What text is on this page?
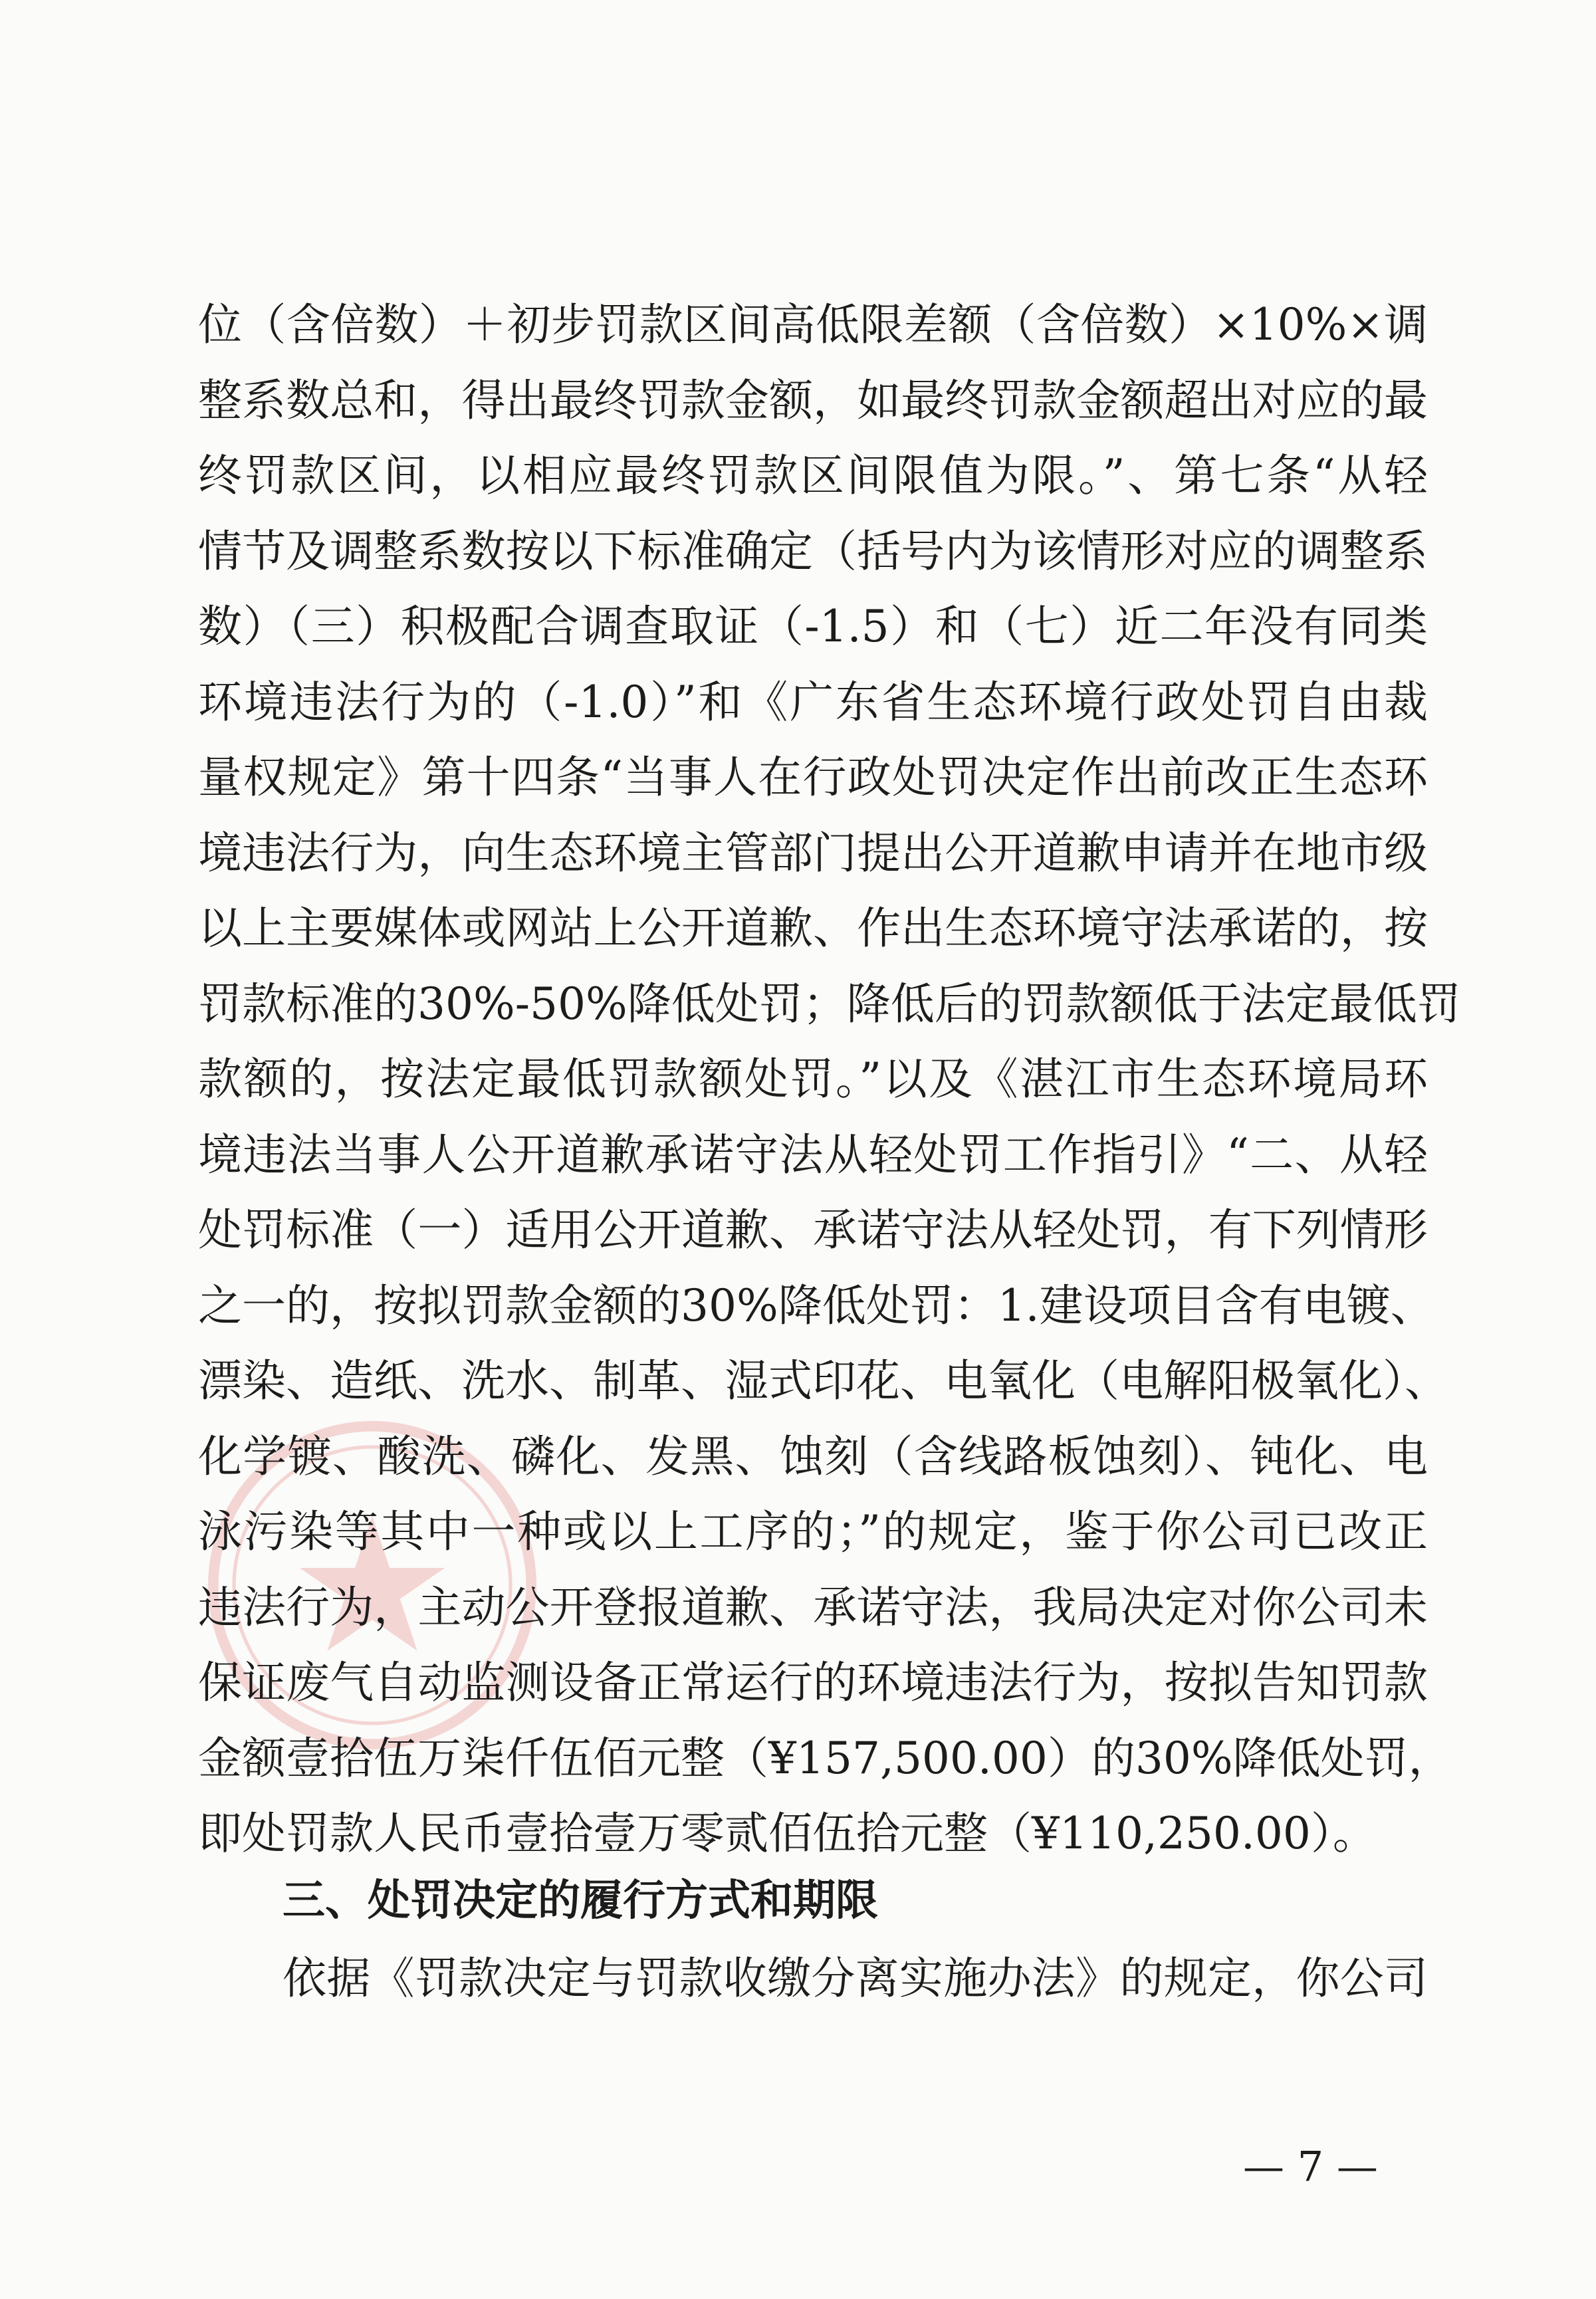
位（含倍数）＋初步罚款区间高低限差额（含倍数）×10%×调
整系数总和，得出最终罚款金额，如最终罚款金额超出对应的最
终罚款区间，以相应最终罚款区间限值为限。”、第七条“从轻
情节及调整系数按以下标准确定（括号内为该情形对应的调整系
数）（三）积极配合调查取证（-1.5）和（七）近二年没有同类
环境违法行为的（-1.0）”和《广东省生态环境行政处罚自由裁
量权规定》第十四条“当事人在行政处罚决定作出前改正生态环
境违法行为，向生态环境主管部门提出公开道歉申请并在地市级
以上主要媒体或网站上公开道歉、作出生态环境守法承诺的，按
罚款标准的30%-50%降低处罚；降低后的罚款额低于法定最低罚
款额的，按法定最低罚款额处罚。”以及《湛江市生态环境局环
境违法当事人公开道歉承诺守法从轻处罚工作指引》“二、从轻
处罚标准（一）适用公开道歉、承诺守法从轻处罚，有下列情形
之一的，按拟罚款金额的30%降低处罚：1.建设项目含有电镀、
漂染、造纸、洗水、制革、湿式印花、电氧化（电解阳极氧化）、
化学镀、酸洗、磷化、发黑、蚀刻（含线路板蚀刻）、钝化、电
泳污染等其中一种或以上工序的；”的规定，鉴于你公司已改正
违法行为，主动公开登报道歉、承诺守法，我局决定对你公司未
保证废气自动监测设备正常运行的环境违法行为，按拟告知罚款
金额壹拾伍万柒仟伍佰元整（¥157,500.00）的30%降低处罚，
即处罚款人民币壹拾壹万零贰佰伍拾元整（¥110,250.00）。
三、处罚决定的履行方式和期限
依据《罚款决定与罚款收缴分离实施办法》的规定，你公司
— 7 —
